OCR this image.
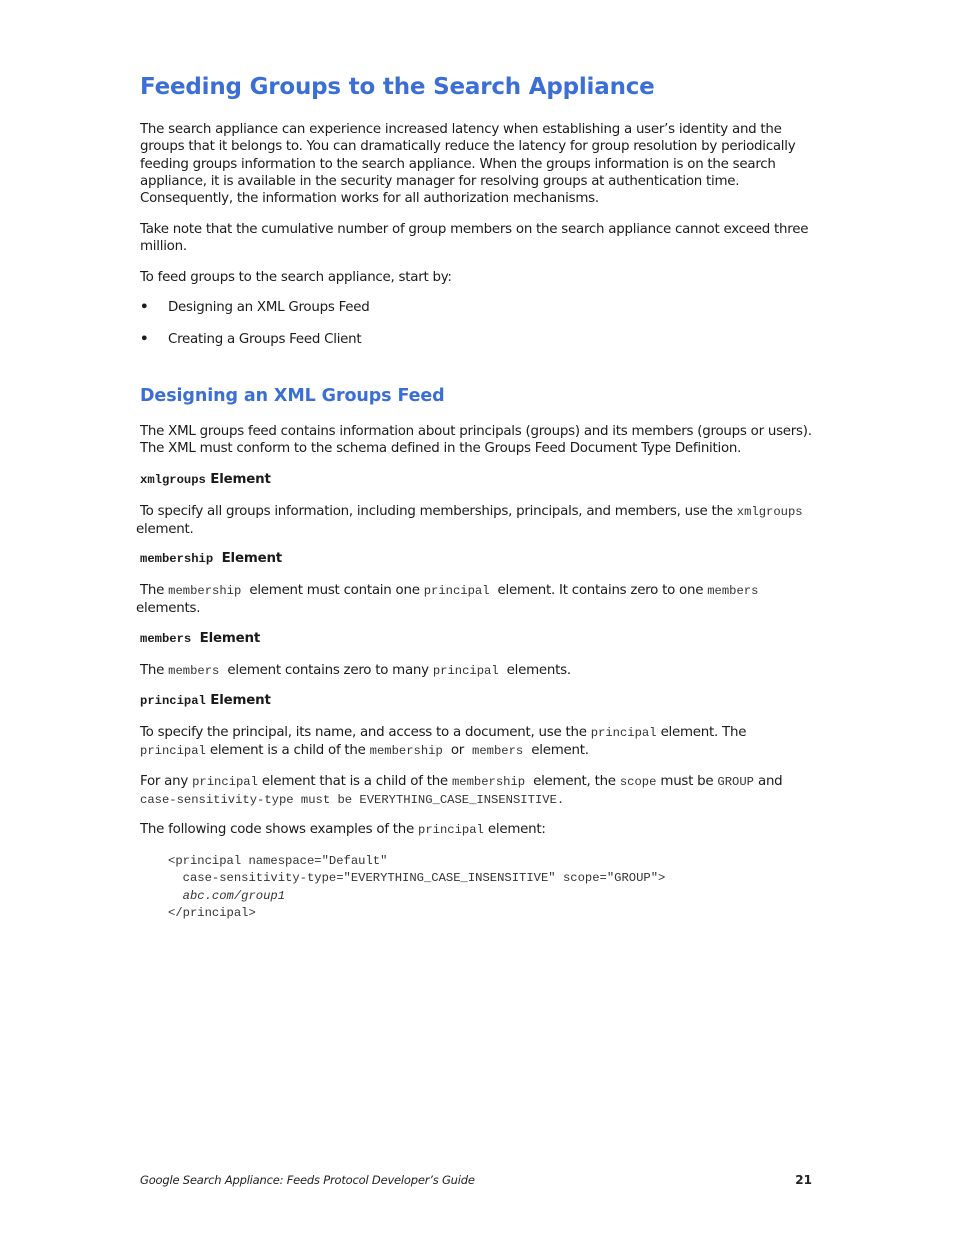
Feeding Groups to the Search Appliance

The search appliance can experience increased latency when establishing a user’s identity and the groups that it belongs to. You can dramatically reduce the latency for group resolution by periodically feeding groups information to the search appliance. When the groups information is on the search appliance, it is available in the security manager for resolving groups at authentication time. Consequently, the information works for all authorization mechanisms.

Take note that the cumulative number of group members on the search appliance cannot exceed three million.

To feed groups to the search appliance, start by:

• Designing an XML Groups Feed
• Creating a Groups Feed Client
Designing an XML Groups Feed

The XML groups feed contains information about principals (groups) and its members (groups or users). The XML must conform to the schema defined in the Groups Feed Document Type Definition.

xmlgroups Element

To specify all groups information, including memberships, principals, and members, use the xmlgroups
element.

membership Element

The membership  element must contain one principal  element. It contains zero to one members
elements.

members Element

The members  element contains zero to many principal  elements.

principal Element

To specify the principal, its name, and access to a document, use the principal element. The
principal element is a child of the membership  or  members  element.

For any principal element that is a child of the membership  element, the scope must be GROUP and
case-sensitivity-type must be EVERYTHING_CASE_INSENSITIVE.

The following code shows examples of the principal element:

<principal namespace="Default"
case-sensitivity-type="EVERYTHING_CASE_INSENSITIVE" scope="GROUP">
abc.com/group1
</principal>
Google Search Appliance: Feeds Protocol Developer’s Guide	21
